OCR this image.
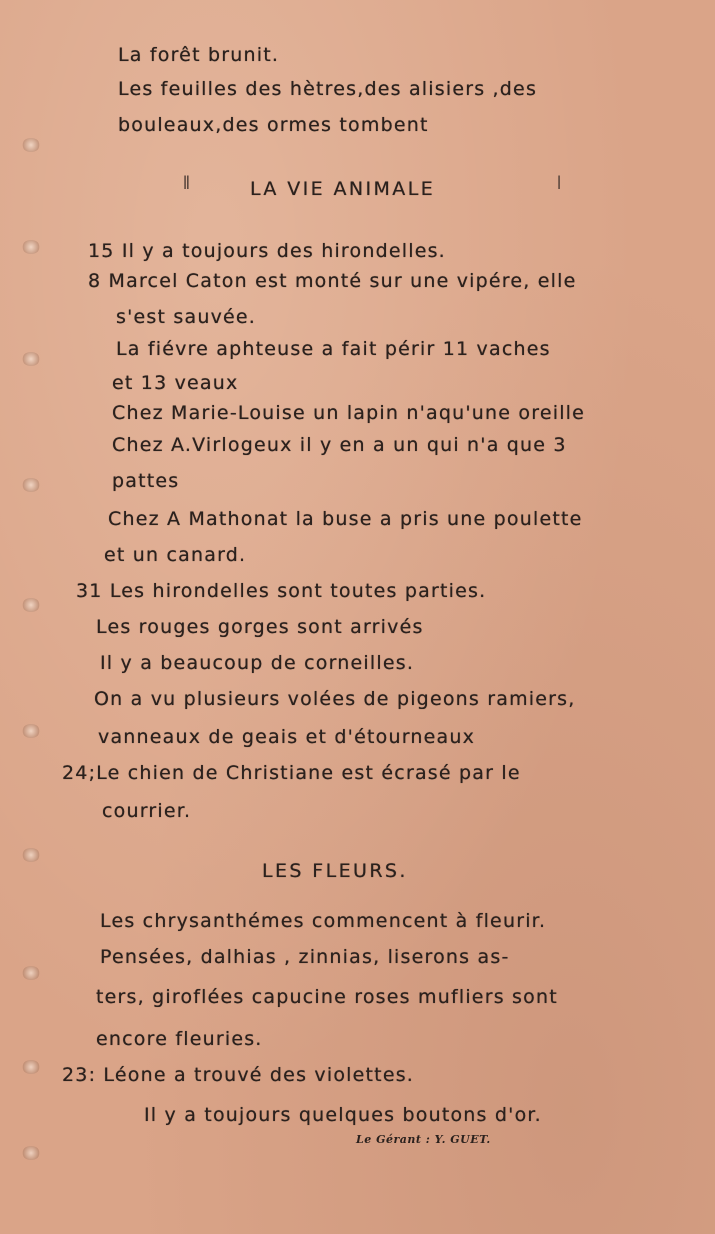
ǁ	ǀ
La forêt brunit.
Les feuilles des hètres,des alisiers ,des
bouleaux,des ormes tombent
LA VIE ANIMALE
15 Il y a toujours des hirondelles.
8 Marcel Caton est monté sur une vipére, elle
s'est sauvée.
La fiévre aphteuse a fait périr 11 vaches
et 13 veaux
Chez Marie-Louise un lapin n'aqu'une oreille
Chez A.Virlogeux il y en a un qui n'a que 3
pattes
Chez A Mathonat la buse a pris une poulette
et un canard.
31 Les hirondelles sont toutes parties.
Les rouges gorges sont arrivés
Il y a beaucoup de corneilles.
On a vu plusieurs volées de pigeons ramiers,
vanneaux de geais et d'étourneaux
24;Le chien de Christiane est écrasé par le
courrier.
LES FLEURS.
Les chrysanthémes commencent à fleurir.
Pensées, dalhias , zinnias, liserons as-
ters, giroflées capucine roses mufliers sont
encore fleuries.
23: Léone a trouvé des violettes.
Il y a toujours quelques boutons d'or.
Le Gérant : Y. GUET.
